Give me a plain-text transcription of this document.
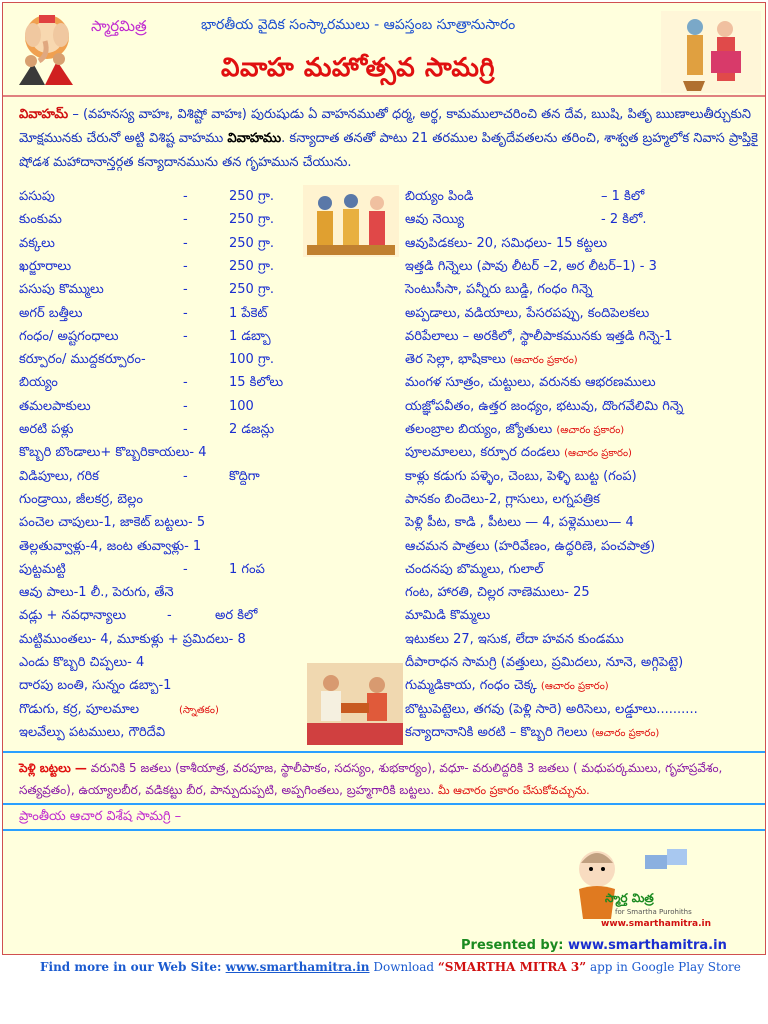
స్మార్తమిత్ర	భారతీయ వైదిక సంస్కారములు - ఆపస్తంబ సూత్రానుసారం
వివాహ మహోత్సవ సామగ్రి
వివాహమ్ – (వహనస్య వాహః, విశిష్టో వాహః) పురుషుడు ఏ వాహనముతో ధర్మ, అర్థ, కామములాచరించి తన దేవ, ఋషి, పితృ ఋణాలుతీర్చుకుని మోక్షమునకు చేరునో అట్టి విశిష్ట వాహము వివాహము. కన్యాదాత తనతో పాటు 21 తరముల పితృదేవతలను తరించి, శాశ్వత బ్రహ్మలోక నివాస ప్రాప్తికై షోడశ మహాదానాన్తర్గత కన్యాదానమును తన గృహమున చేయును.
పసుపు	-	250 గ్రా.
కుంకుమ	-	250 గ్రా.
వక్కలు	-	250 గ్రా.
ఖర్జూరాలు	-	250 గ్రా.
పసుపు కొమ్ములు	-	250 గ్రా.
అగర్ బత్తీలు	-	1 పేకెట్
గంధం/ అష్టగంధాలు	-	1 డబ్బా
కర్పూరం/ ముద్దకర్పూరం-	100 గ్రా.
బియ్యం	-	15 కిలోలు
తమలపాకులు	-	100
అరటి పళ్లు	-	2 డజన్లు
కొబ్బరి బొండాలు+ కొబ్బరికాయలు- 4
విడిపూలు, గరిక	-	కొద్దిగా
గుండ్రాయి, జీలకర్ర, బెల్లం
పంచెల చాపులు-1, జాకెట్ బట్టలు- 5
తెల్లతువ్వాళ్లు-4, జంట తువ్వాళ్లు- 1
పుట్టమట్టి	-	1 గంప
ఆవు పాలు-1 లీ., పెరుగు, తేనె
వడ్లు + నవధాన్యాలు	-	అర కిలో
మట్టిముంతలు- 4, మూకుళ్లు + ప్రమిదలు- 8
ఎండు కొబ్బరి చిప్పలు- 4
దారపు బంతి, సున్నం డబ్బా-1
గొడుగు, కర్ర, పూలమాల	(స్నాతకం)
ఇలవేల్పు పటములు, గౌరిదేవి
బియ్యం పిండి	– 1 కిలో
ఆవు నెయ్యి	- 2 కిలో.
ఆవుపిడకలు- 20, సమిధలు- 15 కట్టలు
ఇత్తడి గిన్నెలు (పావు లీటర్ –2, అర లీటర్–1) - 3
సెంటుసీసా, పన్నీరు బుడ్డి, గంధం గిన్నె
అప్పడాలు, వడియాలు, పేసరపప్పు, కందిపెలకలు
వరిపేలాలు – అరకిలో, స్థాలీపాకమునకు ఇత్తడి గిన్నె-1
తెర సెల్లా, భాషికాలు (ఆచారం ప్రకారం)
మంగళ సూత్రం, చుట్టులు, వరునకు ఆభరణములు
యజ్ఞోపవీతం, ఉత్తర జంధ్యం, భటువు, దొంగవేలిమి గిన్నె
తలంబ్రాల బియ్యం, జ్యోతులు (ఆచారం ప్రకారం)
పూలమాలలు, కర్పూర దండలు (ఆచారం ప్రకారం)
కాళ్లు కడుగు పళ్ళెం, చెంబు, పెళ్ళి బుట్ట (గంప)
పానకం బిందెలు-2, గ్లాసులు, లగ్నపత్రిక
పెళ్లి పీట, కాడి , పీటలు — 4, పళ్లెములు— 4
ఆచమన పాత్రలు (హరివేణం, ఉద్ధరిణె, పంచపాత్ర)
చందనపు బొమ్మలు, గులాల్
గంట, హారతి, చిల్లర నాణెములు- 25
మామిడి కొమ్మలు
ఇటుకలు 27, ఇసుక, లేదా హవన కుండము
దీపారాధన సామగ్రి (వత్తులు, ప్రమిదలు, నూనె, అగ్గిపెట్టె)
గుమ్మడికాయ, గంధం చెక్క (ఆచారం ప్రకారం)
బొట్టుపెట్టెలు, తగవు (పెళ్లి సారె) అరిసెలు, లడ్డూలు..........
కన్యాదానానికి అరటి – కొబ్బరి గెలలు (ఆచారం ప్రకారం)
పెళ్లి బట్టలు — వరునికి 5 జతలు (కాశీయాత్ర, వరపూజ, స్థాలీపాకం, సదస్యం, శుభకార్యం), వధూ- వరులిద్దరికి 3 జతలు ( మధుపర్కములు, గృహప్రవేశం, సత్యవ్రతం), ఉయ్యాలబీర, వడికట్టు బీర, పాన్పుదుప్పటి, అప్పగింతలు, బ్రహ్మగారికి బట్టలు. మీ ఆచారం ప్రకారం చేసుకోవచ్చును.
ప్రాంతీయ ఆచార విశేష సామగ్రి –
స్మార్త మిత్ర
for Smartha Purohiths
www.smarthamitra.in
Presented by: www.smarthamitra.in
Find more in our Web Site: www.smarthamitra.in Download “SMARTHA MITRA 3” app in Google Play Store
